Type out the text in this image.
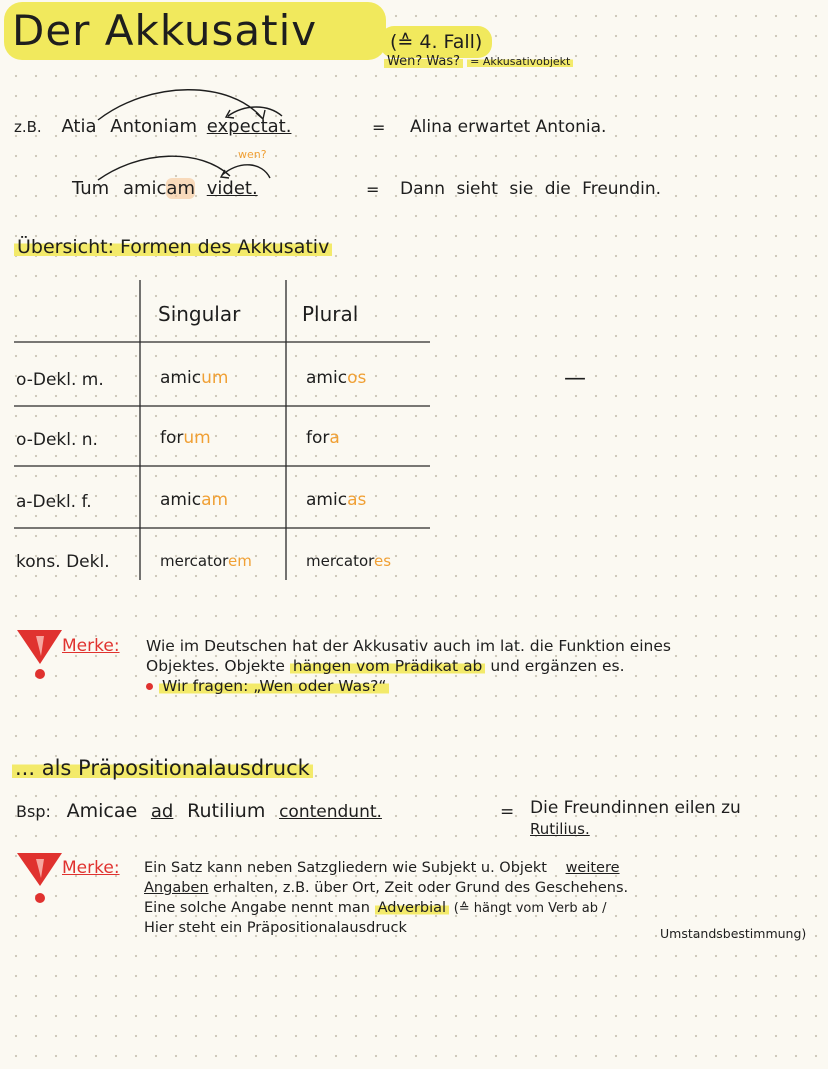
Der Akkusativ	(≙ 4. Fall)
Wen? Was? = Akkusativobjekt
z.B. Atia Antoniam expectat.	= Alina erwartet Antonia.
wen?
Tum amicam videt.	= Dann sieht sie die Freundin.
Übersicht: Formen des Akkusativ
Singular	Plural
o-Dekl. m.	amicum	amicos
o-Dekl. n.	forum	fora
a-Dekl. f.	amicam	amicas
kons. Dekl.	mercatorem	mercatores
—
Merke: Wie im Deutschen hat der Akkusativ auch im lat. die Funktion eines
Objektes. Objekte hängen vom Prädikat ab und ergänzen es.
Wir fragen: „Wen oder Was?“
... als Präpositionalausdruck
Bsp: Amicae ad Rutilium contendunt.	= Die Freundinnen eilen zu
Rutilius.
Merke: Ein Satz kann neben Satzgliedern wie Subjekt u. Objekt weitere
Angaben erhalten, z.B. über Ort, Zeit oder Grund des Geschehens.
Eine solche Angabe nennt man Adverbial (≙ hängt vom Verb ab /
Hier steht ein Präpositionalausdruck	Umstandsbestimmung)
